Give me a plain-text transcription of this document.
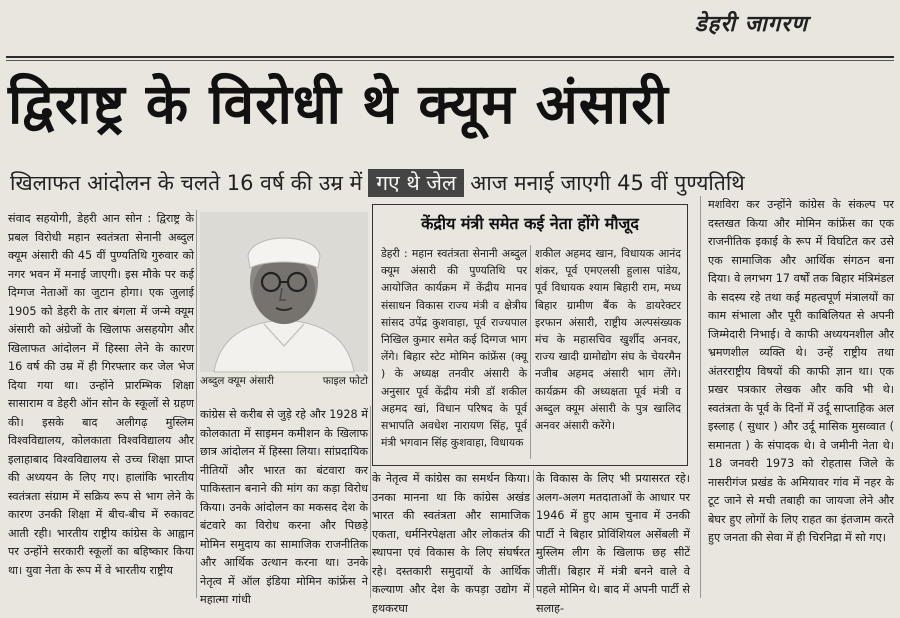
डेहरी जागरण
द्विराष्ट्र के विरोधी थे क्यूम अंसारी
खिलाफत आंदोलन के चलते 16 वर्ष की उम्र में गए थे जेल आज मनाई जाएगी 45 वीं पुण्यतिथि

संवाद सहयोगी, डेहरी आन सोन : द्विराष्ट्र के प्रबल विरोधी महान स्वतंत्रता सेनानी अब्दुल क्यूम अंसारी की 45 वीं पुण्यतिथि गुरुवार को नगर भवन में मनाई जाएगी। इस मौके पर कई दिग्गज नेताओं का जुटान होगा। एक जुलाई 1905 को डेहरी के तार बंगला में जन्मे क्यूम अंसारी को अंग्रेजों के खिलाफ असहयोग और खिलाफत आंदोलन में हिस्सा लेने के कारण 16 वर्ष की उम्र में ही गिरफ्तार कर जेल भेज दिया गया था। उन्होंने प्रारम्भिक शिक्षा सासाराम व डेहरी ऑन सोन के स्कूलों से ग्रहण की। इसके बाद अलीगढ़ मुस्लिम विश्वविद्यालय, कोलकाता विश्वविद्यालय और इलाहाबाद विश्वविद्यालय से उच्च शिक्षा प्राप्त की अध्ययन के लिए गए। हालांकि भारतीय स्वतंत्रता संग्राम में सक्रिय रूप से भाग लेने के कारण उनकी शिक्षा में बीच-बीच में रुकावट आती रही। भारतीय राष्ट्रीय कांग्रेस के आह्वान पर उन्होंने सरकारी स्कूलों का बहिष्कार किया था। युवा नेता के रूप में वे भारतीय राष्ट्रीय

अब्दुल क्यूम अंसारी	फाइल फोटो

कांग्रेस से करीब से जुड़े रहे और 1928 में कोलकाता में साइमन कमीशन के खिलाफ छात्र आंदोलन में हिस्सा लिया। सांप्रदायिक नीतियों और भारत का बंटवारा कर पाकिस्तान बनाने की मांग का कड़ा विरोध किया। उनके आंदोलन का मकसद देश के बंटवारे का विरोध करना और पिछड़े मोमिन समुदाय का सामाजिक राजनीतिक और आर्थिक उत्थान करना था। उनके नेतृत्व में ऑल इंडिया मोमिन कांफ्रेंस ने महात्मा गांधी

केंद्रीय मंत्री समेत कई नेता होंगे मौजूद

डेहरी : महान स्वतंत्रता सेनानी अब्दुल क्यूम अंसारी की पुण्यतिथि पर आयोजित कार्यक्रम में केंद्रीय मानव संसाधन विकास राज्य मंत्री व क्षेत्रीय सांसद उपेंद्र कुशवाहा, पूर्व राज्यपाल निखिल कुमार समेत कई दिग्गज भाग लेंगे। बिहार स्टेट मोमिन कांफ्रेंस (क्यू ) के अध्यक्ष तनवीर अंसारी के अनुसार पूर्व केंद्रीय मंत्री डॉ शकील अहमद खां, विधान परिषद के पूर्व सभापति अवधेश नारायण सिंह, पूर्व मंत्री भगवान सिंह कुशवाहा, विधायक

शकील अहमद खान, विधायक आनंद शंकर, पूर्व एमएलसी हुलास पांडेय, पूर्व विधायक श्याम बिहारी राम, मध्य बिहार ग्रामीण बैंक के डायरेक्टर इरफान अंसारी, राष्ट्रीय अल्पसंख्यक मंच के महासचिव खुर्शीद अनवर, राज्य खादी ग्रामोद्योग संघ के चेयरमैन नजीब अहमद अंसारी भाग लेंगे। कार्यक्रम की अध्यक्षता पूर्व मंत्री व अब्दुल क्यूम अंसारी के पुत्र खालिद अनवर अंसारी करेंगे।

के नेतृत्व में कांग्रेस का समर्थन किया। उनका मानना था कि कांग्रेस अखंड भारत की स्वतंत्रता और सामाजिक एकता, धर्मनिरपेक्षता और लोकतंत्र की स्थापना एवं विकास के लिए संघर्षरत रहे। दस्तकारी समुदायों के आर्थिक कल्याण और देश के कपड़ा उद्योग में हथकरघा

के विकास के लिए भी प्रयासरत रहे। अलग-अलग मतदाताओं के आधार पर 1946 में हुए आम चुनाव में उनकी पार्टी ने बिहार प्रोविंशियल असेंबली में मुस्लिम लीग के खिलाफ छह सीटें जीतीं। बिहार में मंत्री बनने वाले वे पहले मोमिन थे। बाद में अपनी पार्टी से सलाह-

मशविरा कर उन्होंने कांग्रेस के संकल्प पर दस्तखत किया और मोमिन कांफ्रेंस का एक राजनीतिक इकाई के रूप में विघटित कर उसे एक सामाजिक और आर्थिक संगठन बना दिया। वे लगभग 17 वर्षों तक बिहार मंत्रिमंडल के सदस्य रहे तथा कई महत्वपूर्ण मंत्रालयों का काम संभाला और पूरी काबिलियत से अपनी जिम्मेदारी निभाई। वे काफी अध्ययनशील और भ्रमणशील व्यक्ति थे। उन्हें राष्ट्रीय तथा अंतरराष्ट्रीय विषयों की काफी ज्ञान था। एक प्रखर पत्रकार लेखक और कवि भी थे। स्वतंत्रता के पूर्व के दिनों में उर्दू साप्ताहिक अल इस्लाह ( सुधार ) और उर्दू मासिक मुसव्वात ( समानता ) के संपादक थे। वे जमीनी नेता थे। 18 जनवरी 1973 को रोहतास जिले के नासरीगंज प्रखंड के अमियावर गांव में नहर के टूट जाने से मची तबाही का जायजा लेने और बेघर हुए लोगों के लिए राहत का इंतजाम करते हुए जनता की सेवा में ही चिरनिद्रा में सो गए।
